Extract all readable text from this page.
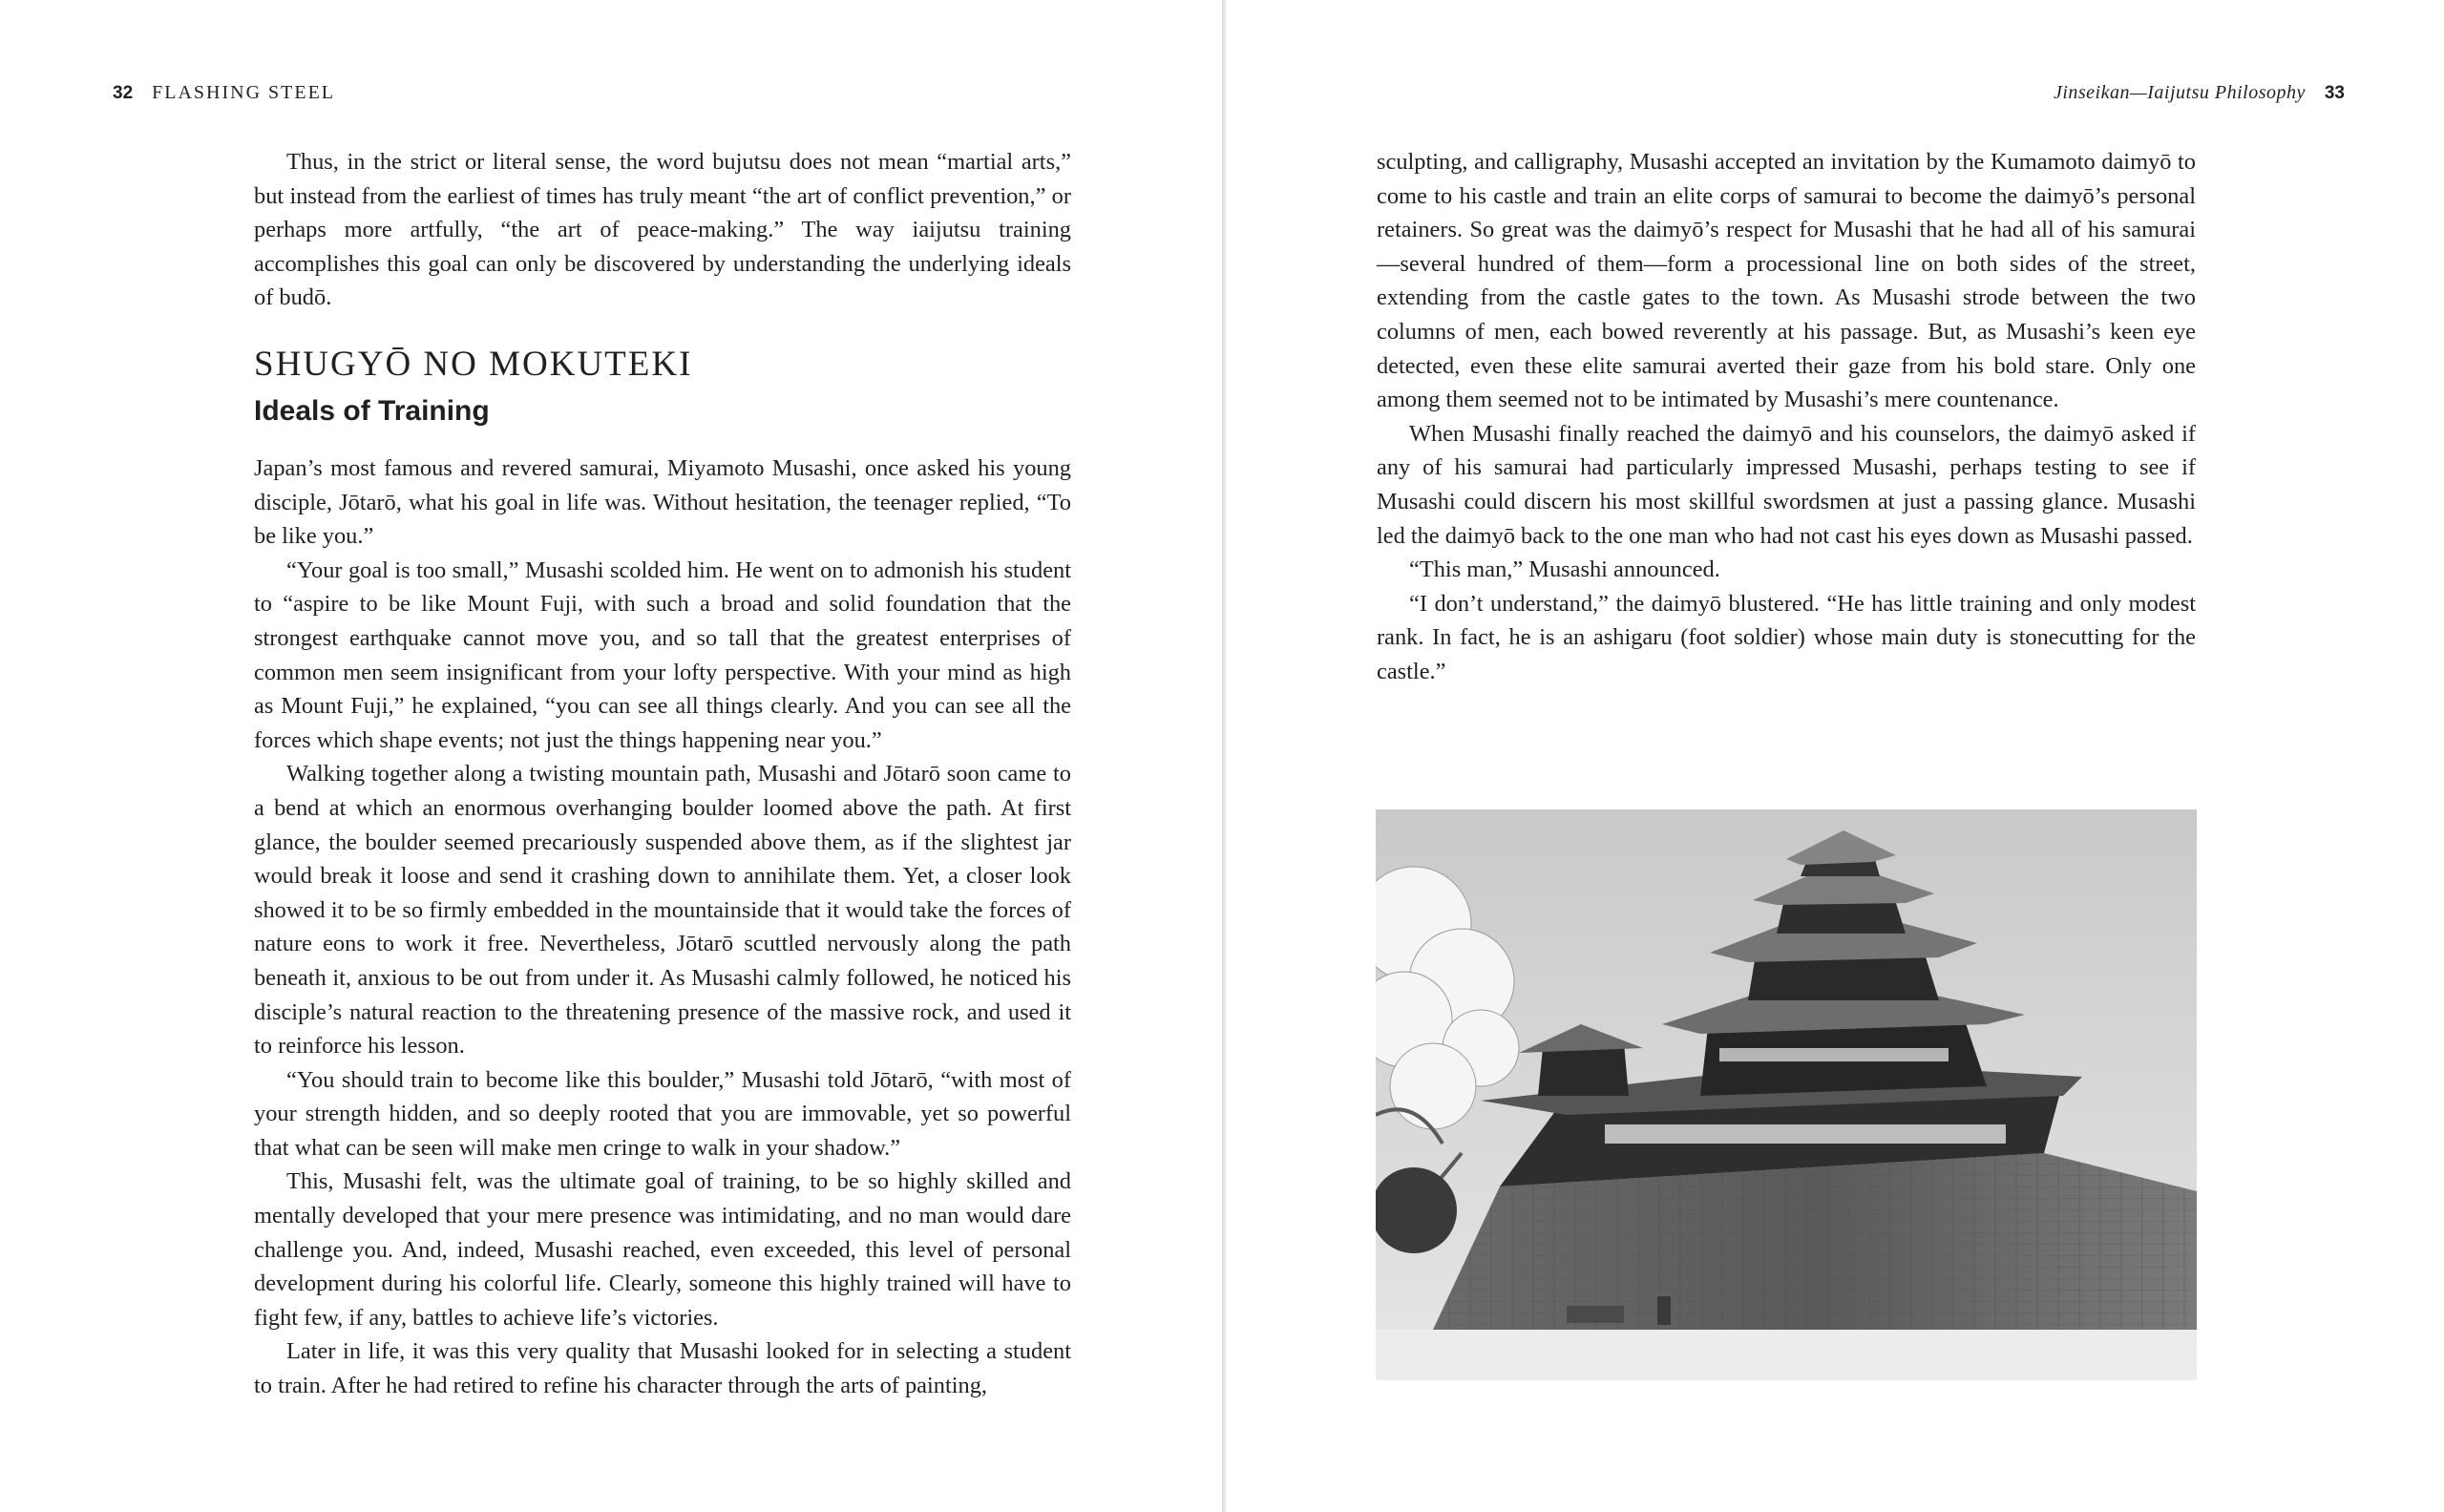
32 FLASHING STEEL

Thus, in the strict or literal sense, the word bujutsu does not mean “martial arts,” but instead from the earliest of times has truly meant “the art of conflict prevention,” or perhaps more artfully, “the art of peace-making.” The way iaijutsu training accomplishes this goal can only be discovered by understanding the underlying ideals of budō.

SHUGYŌ NO MOKUTEKI
Ideals of Training

Japan’s most famous and revered samurai, Miyamoto Musashi, once asked his young disciple, Jōtarō, what his goal in life was. Without hesitation, the teenager replied, “To be like you.”

“Your goal is too small,” Musashi scolded him. He went on to admonish his student to “aspire to be like Mount Fuji, with such a broad and solid foundation that the strongest earthquake cannot move you, and so tall that the greatest enterprises of common men seem insignificant from your lofty perspective. With your mind as high as Mount Fuji,” he explained, “you can see all things clearly. And you can see all the forces which shape events; not just the things happening near you.”

Walking together along a twisting mountain path, Musashi and Jōtarō soon came to a bend at which an enormous overhanging boulder loomed above the path. At first glance, the boulder seemed precariously suspended above them, as if the slightest jar would break it loose and send it crashing down to annihilate them. Yet, a closer look showed it to be so firmly embedded in the mountainside that it would take the forces of nature eons to work it free. Nevertheless, Jōtarō scuttled nervously along the path beneath it, anxious to be out from under it. As Musashi calmly followed, he noticed his disciple’s natural reaction to the threatening presence of the massive rock, and used it to reinforce his lesson.

“You should train to become like this boulder,” Musashi told Jōtarō, “with most of your strength hidden, and so deeply rooted that you are immovable, yet so powerful that what can be seen will make men cringe to walk in your shadow.”

This, Musashi felt, was the ultimate goal of training, to be so highly skilled and mentally developed that your mere presence was intimidating, and no man would dare challenge you. And, indeed, Musashi reached, even exceeded, this level of personal development during his colorful life. Clearly, someone this highly trained will have to fight few, if any, battles to achieve life’s victories.

Later in life, it was this very quality that Musashi looked for in selecting a student to train. After he had retired to refine his character through the arts of painting,

Jinseikan—Iaijutsu Philosophy 33

sculpting, and calligraphy, Musashi accepted an invitation by the Kumamoto daimyō to come to his castle and train an elite corps of samurai to become the daimyō’s personal retainers. So great was the daimyō’s respect for Musashi that he had all of his samurai—several hundred of them—form a processional line on both sides of the street, extending from the castle gates to the town. As Musashi strode between the two columns of men, each bowed reverently at his passage. But, as Musashi’s keen eye detected, even these elite samurai averted their gaze from his bold stare. Only one among them seemed not to be intimated by Musashi’s mere countenance.

When Musashi finally reached the daimyō and his counselors, the daimyō asked if any of his samurai had particularly impressed Musashi, perhaps testing to see if Musashi could discern his most skillful swordsmen at just a passing glance. Musashi led the daimyō back to the one man who had not cast his eyes down as Musashi passed.

“This man,” Musashi announced.

“I don’t understand,” the daimyō blustered. “He has little training and only modest rank. In fact, he is an ashigaru (foot soldier) whose main duty is stonecutting for the castle.”
